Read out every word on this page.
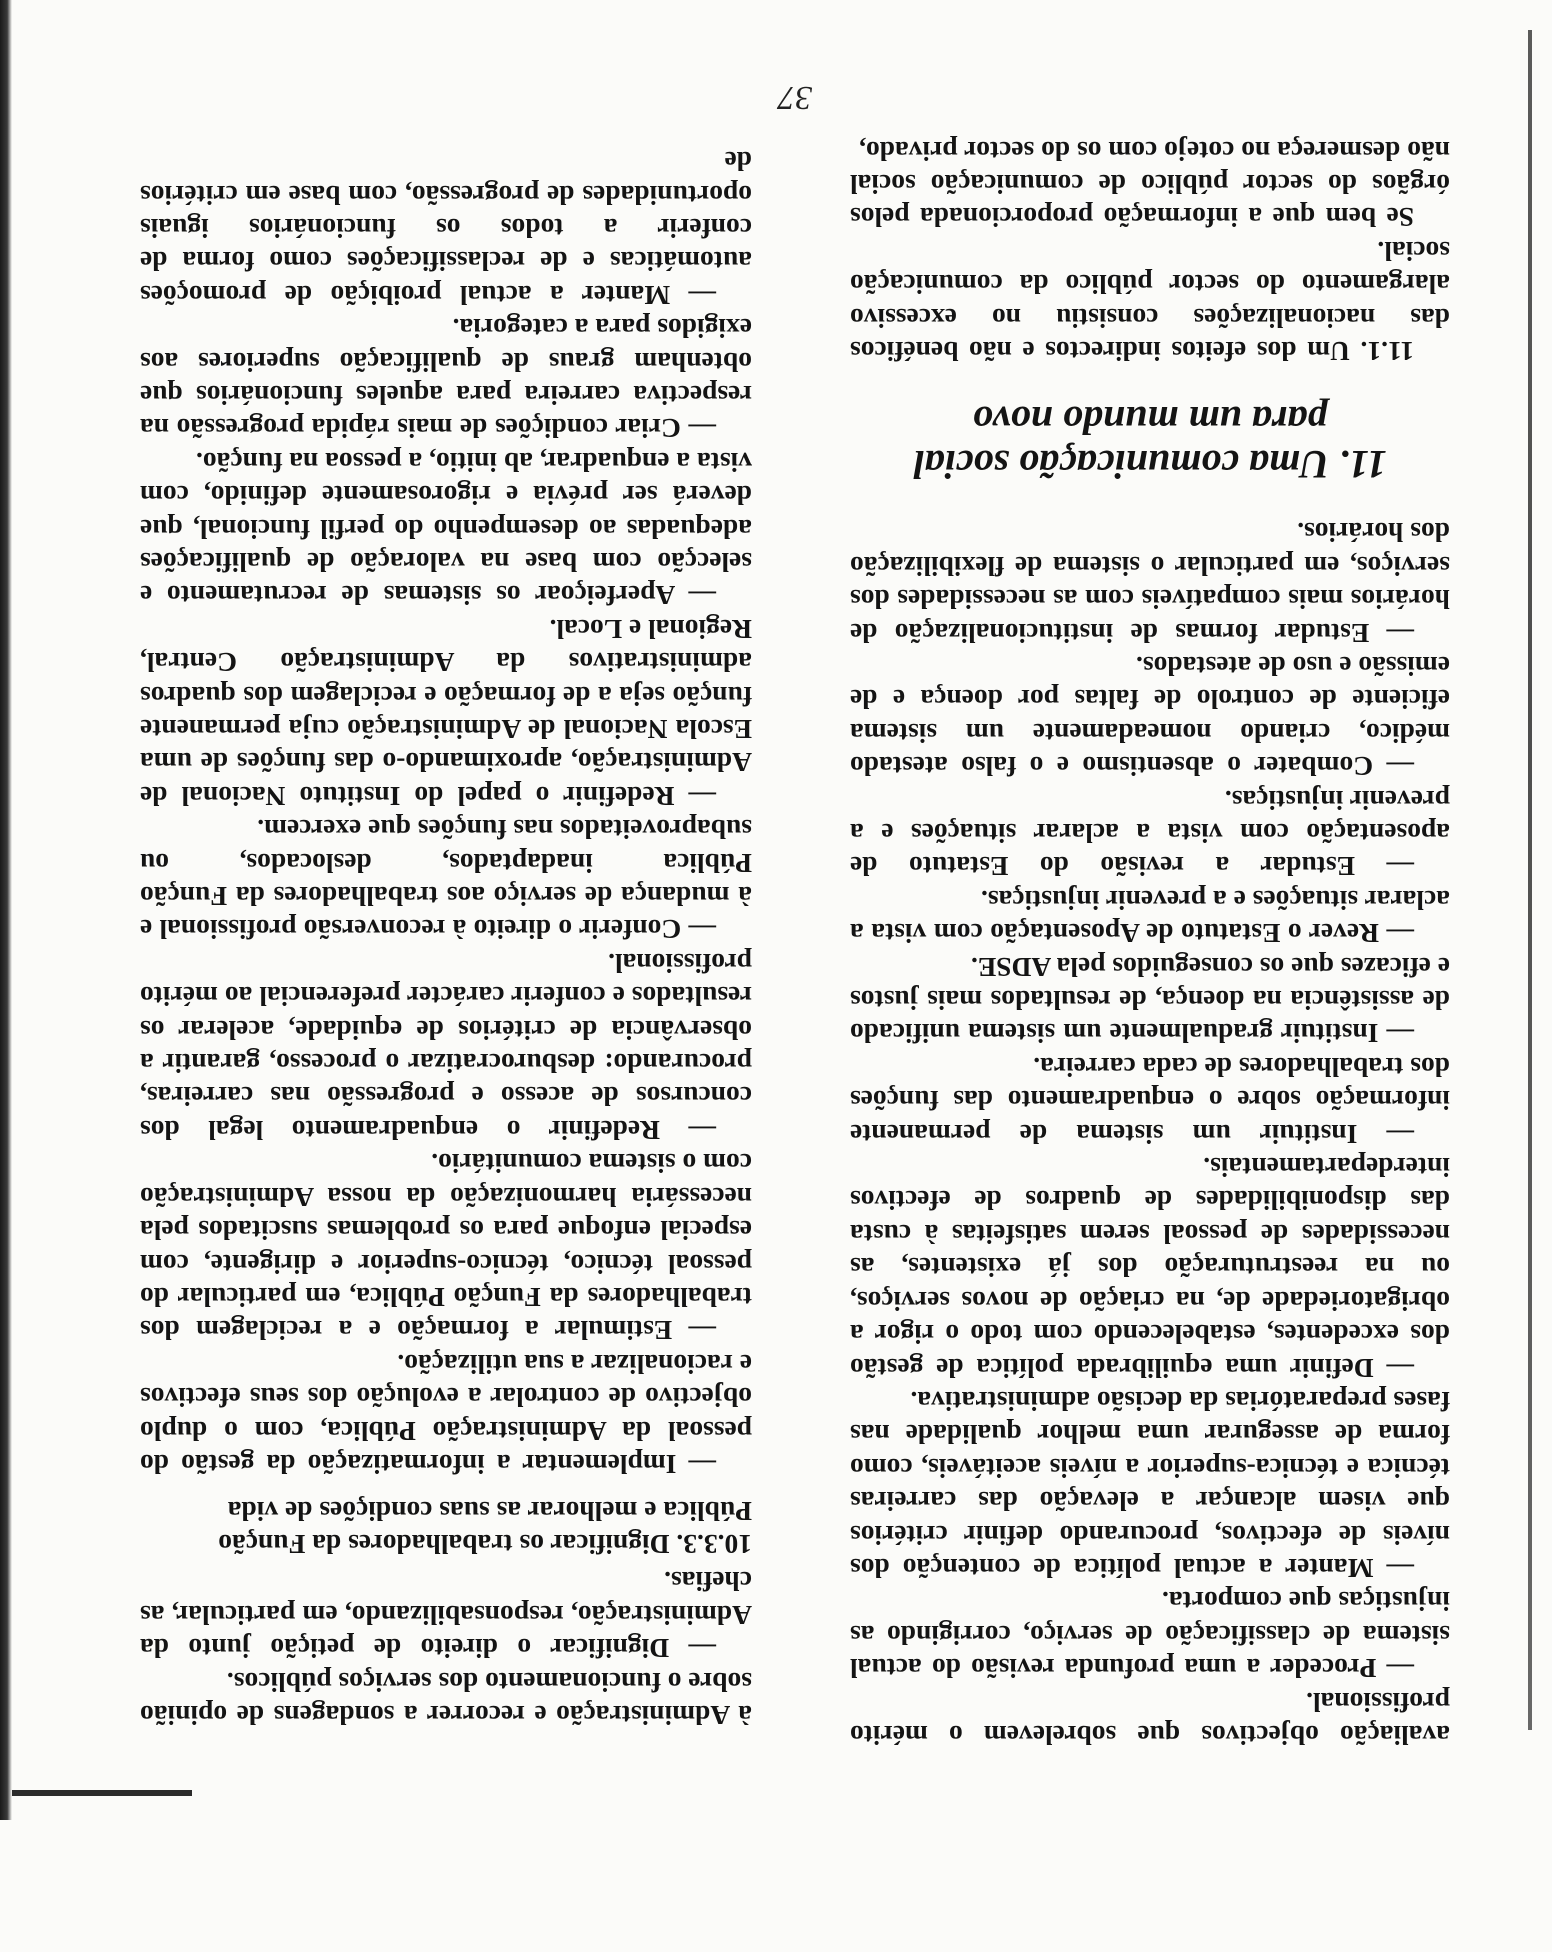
avaliação objectivos que sobrelevem o mérito profissional.

— Proceder a uma profunda revisão do actual sistema de classificação de serviço, corrigindo as injustiças que comporta.

— Manter a actual política de contenção dos níveis de efectivos, procurando definir critérios que visem alcançar a elevação das carreiras técnica e técnica-superior a níveis aceitáveis, como forma de assegurar uma melhor qualidade nas fases preparatórias da decisão administrativa.

— Definir uma equilibrada política de gestão dos excedentes, estabelecendo com todo o rigor a obrigatoriedade de, na criação de novos serviços, ou na reestruturação dos já existentes, as necessidades de pessoal serem satisfeitas à custa das disponibilidades de quadros de efectivos interdepartamentais.

— Instituir um sistema de permanente informação sobre o enquadramento das funções dos trabalhadores de cada carreira.

— Instituir gradualmente um sistema unificado de assistência na doença, de resultados mais justos e eficazes que os conseguidos pela ADSE.

— Rever o Estatuto de Aposentação com vista a aclarar situações e a prevenir injustiças.

— Estudar a revisão do Estatuto de aposentação com vista a aclarar situações e a prevenir injustiças.

— Combater o absentismo e o falso atestado médico, criando nomeadamente um sistema eficiente de controlo de faltas por doença e de emissão e uso de atestados.

— Estudar formas de institucionalização de horários mais compatíveis com as necessidades dos serviços, em particular o sistema de flexibilização dos horários.

11. Uma comunicação social
para um mundo novo

11.1. Um dos efeitos indirectos e não benéficos das nacionalizações consistiu no excessivo alargamento do sector público da comunicação social.

Se bem que a informação proporcionada pelos órgãos do sector público de comunicação social não desmereça no cotejo com os do sector privado,

à Administração e recorrer a sondagens de opinião sobre o funcionamento dos serviços públicos.

— Dignificar o direito de petição junto da Administração, responsabilizando, em particular, as chefias.

10.3.3. Dignificar os trabalhadores da Função Pública e melhorar as suas condições de vida

— Implementar a informatização da gestão do pessoal da Administração Pública, com o duplo objectivo de controlar a evolução dos seus efectivos e racionalizar a sua utilização.

— Estimular a formação e a reciclagem dos trabalhadores da Função Pública, em particular do pessoal técnico, técnico-superior e dirigente, com especial enfoque para os problemas suscitados pela necessária harmonização da nossa Administração com o sistema comunitário.

— Redefinir o enquadramento legal dos concursos de acesso e progressão nas carreiras, procurando: desburocratizar o processo, garantir a observância de critérios de equidade, acelerar os resultados e conferir carácter preferencial ao mérito profissional.

— Conferir o direito à reconversão profissional e à mudança de serviço aos trabalhadores da Função Pública inadaptados, deslocados, ou subaproveitados nas funções que exercem.

— Redefinir o papel do Instituto Nacional de Administração, aproximando-o das funções de uma Escola Nacional de Administração cuja permanente função seja a de formação e reciclagem dos quadros administrativos da Administração Central, Regional e Local.

— Aperfeiçoar os sistemas de recrutamento e selecção com base na valoração de qualificações adequadas ao desempenho do perfil funcional, que deverá ser prévia e rigorosamente definido, com vista a enquadrar, ab initio, a pessoa na função.

— Criar condições de mais rápida progressão na respectiva carreira para aqueles funcionários que obtenham graus de qualificação superiores aos exigidos para a categoria.

— Manter a actual proibição de promoções automáticas e de reclassificações como forma de conferir a todos os funcionários iguais oportunidades de progressão, com base em critérios de

37
